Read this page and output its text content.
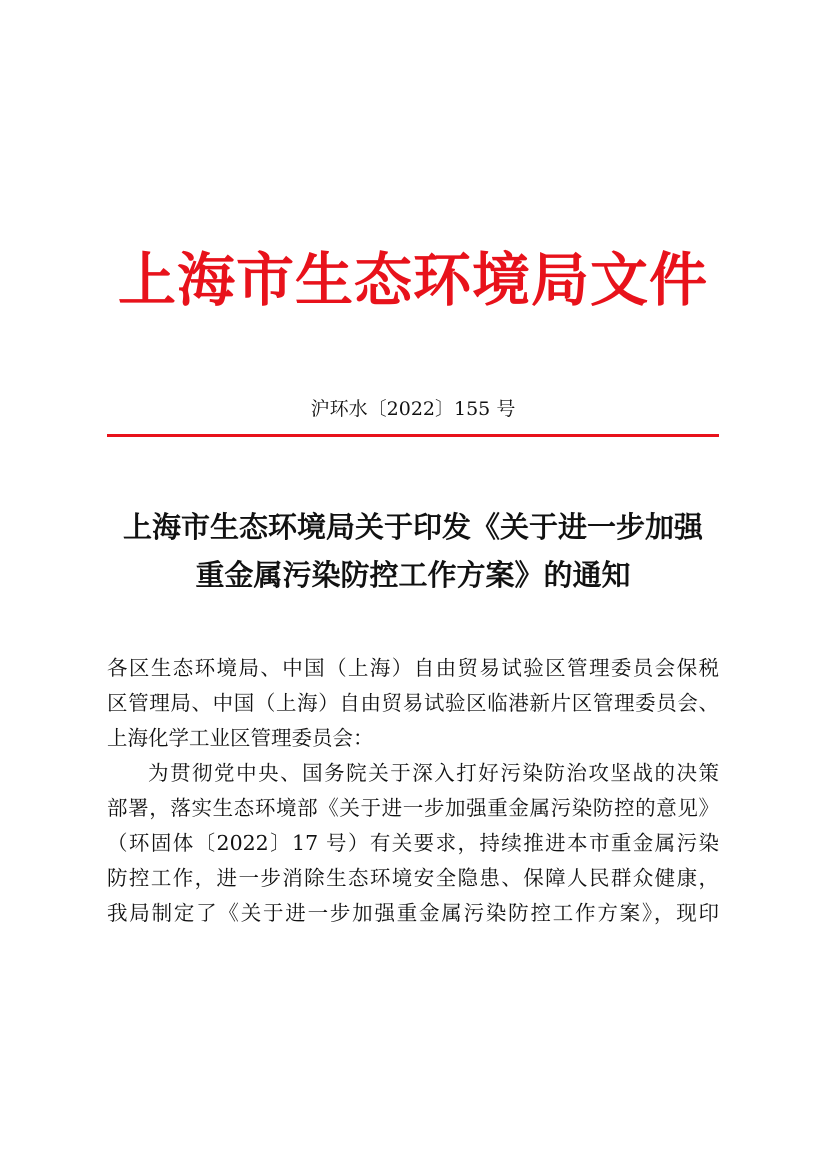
上海市生态环境局文件
沪环水〔2022〕155 号
上海市生态环境局关于印发《关于进一步加强
重金属污染防控工作方案》的通知
各区生态环境局、中国（上海）自由贸易试验区管理委员会保税
区管理局、中国（上海）自由贸易试验区临港新片区管理委员会、
上海化学工业区管理委员会：
为贯彻党中央、国务院关于深入打好污染防治攻坚战的决策
部署，落实生态环境部《关于进一步加强重金属污染防控的意见》
（环固体〔2022〕17 号）有关要求，持续推进本市重金属污染
防控工作，进一步消除生态环境安全隐患、保障人民群众健康，
我局制定了《关于进一步加强重金属污染防控工作方案》，现印
